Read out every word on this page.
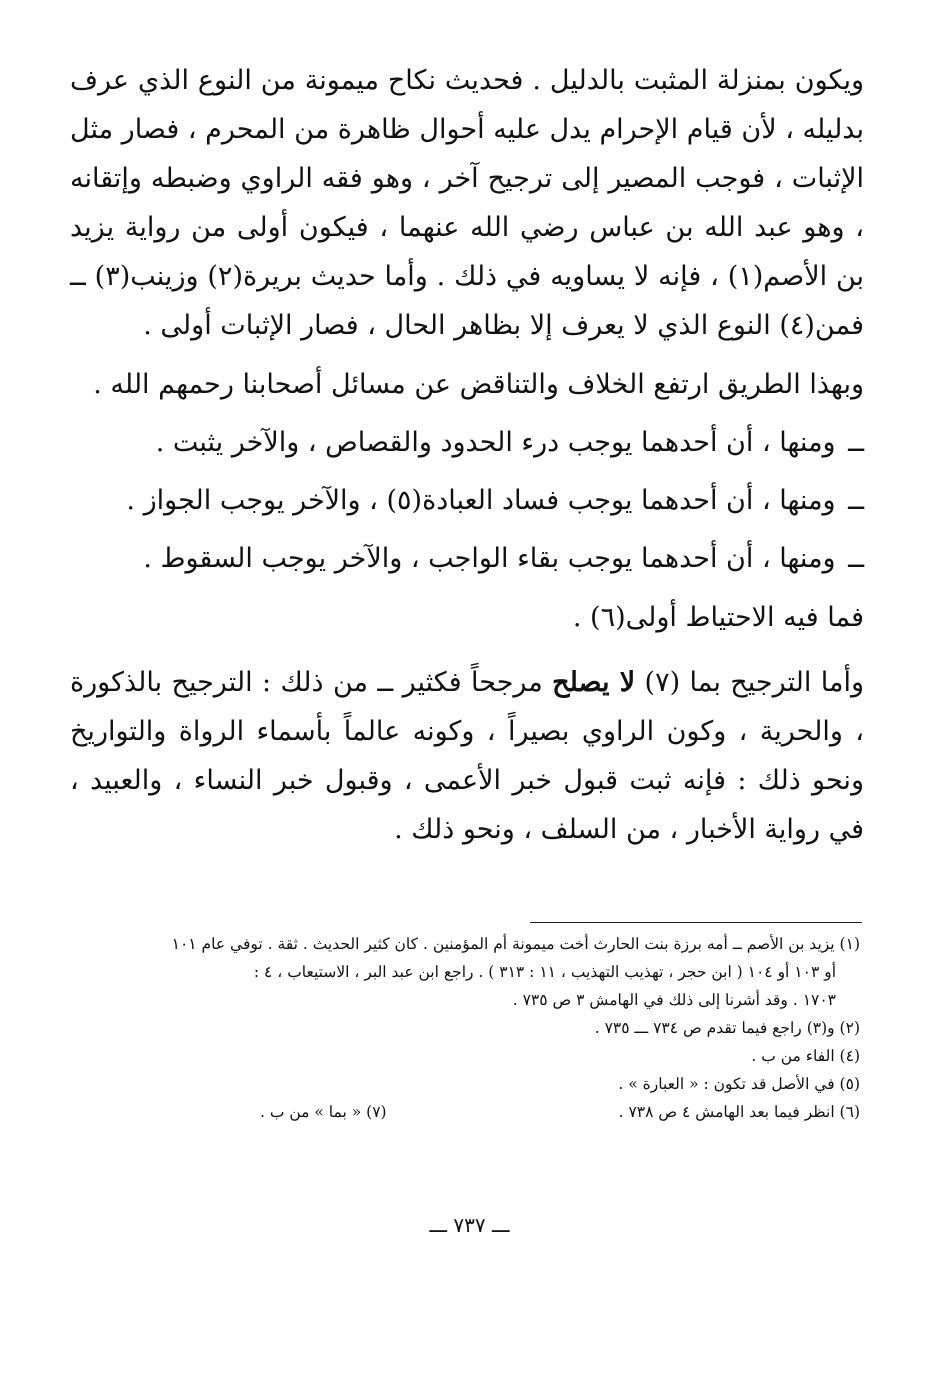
ويكون بمنزلة المثبت بالدليل . فحديث نكاح ميمونة من النوع الذي عرف بدليله ، لأن قيام الإحرام يدل عليه أحوال ظاهرة من المحرم ، فصار مثل الإثبات ، فوجب المصير إلى ترجيح آخر ، وهو فقه الراوي وضبطه وإتقانه ، وهو عبد الله بن عباس رضي الله عنهما ، فيكون أولى من رواية يزيد بن الأصم(١) ، فإنه لا يساويه في ذلك . وأما حديث بريرة(٢) وزينب(٣) ــ فمن(٤) النوع الذي لا يعرف إلا بظاهر الحال ، فصار الإثبات أولى .

وبهذا الطريق ارتفع الخلاف والتناقض عن مسائل أصحابنا رحمهم الله .

ــ ومنها ، أن أحدهما يوجب درء الحدود والقصاص ، والآخر يثبت .

ــ ومنها ، أن أحدهما يوجب فساد العبادة(٥) ، والآخر يوجب الجواز .

ــ ومنها ، أن أحدهما يوجب بقاء الواجب ، والآخر يوجب السقوط .

فما فيه الاحتياط أولى(٦) .

وأما الترجيح بما (٧) لا يصلح مرجحاً فكثير ــ من ذلك : الترجيح بالذكورة ، والحرية ، وكون الراوي بصيراً ، وكونه عالماً بأسماء الرواة والتواريخ ونحو ذلك : فإنه ثبت قبول خبر الأعمى ، وقبول خبر النساء ، والعبيد ، في رواية الأخبار ، من السلف ، ونحو ذلك .

(١) يزيد بن الأصم ــ أمه برزة بنت الحارث أخت ميمونة أم المؤمنين . كان كثير الحديث . ثقة . توفي عام ١٠١

أو ١٠٣ أو ١٠٤ ( ابن حجر ، تهذيب التهذيب ، ١١ : ٣١٣ ) . راجع ابن عبد البر ، الاستيعاب ، ٤ :

١٧٠٣ . وقد أشرنا إلى ذلك في الهامش ٣ ص ٧٣٥ .

(٢) و(٣) راجع فيما تقدم ص ٧٣٤ ـــ ٧٣٥ .

(٤) الفاء من ب .

(٥) في الأصل قد تكون : « العبارة » .

(٦) انظر فيما بعد الهامش ٤ ص ٧٣٨ .
(٧) « بما » من ب .
ـــ ٧٣٧ ـــ
